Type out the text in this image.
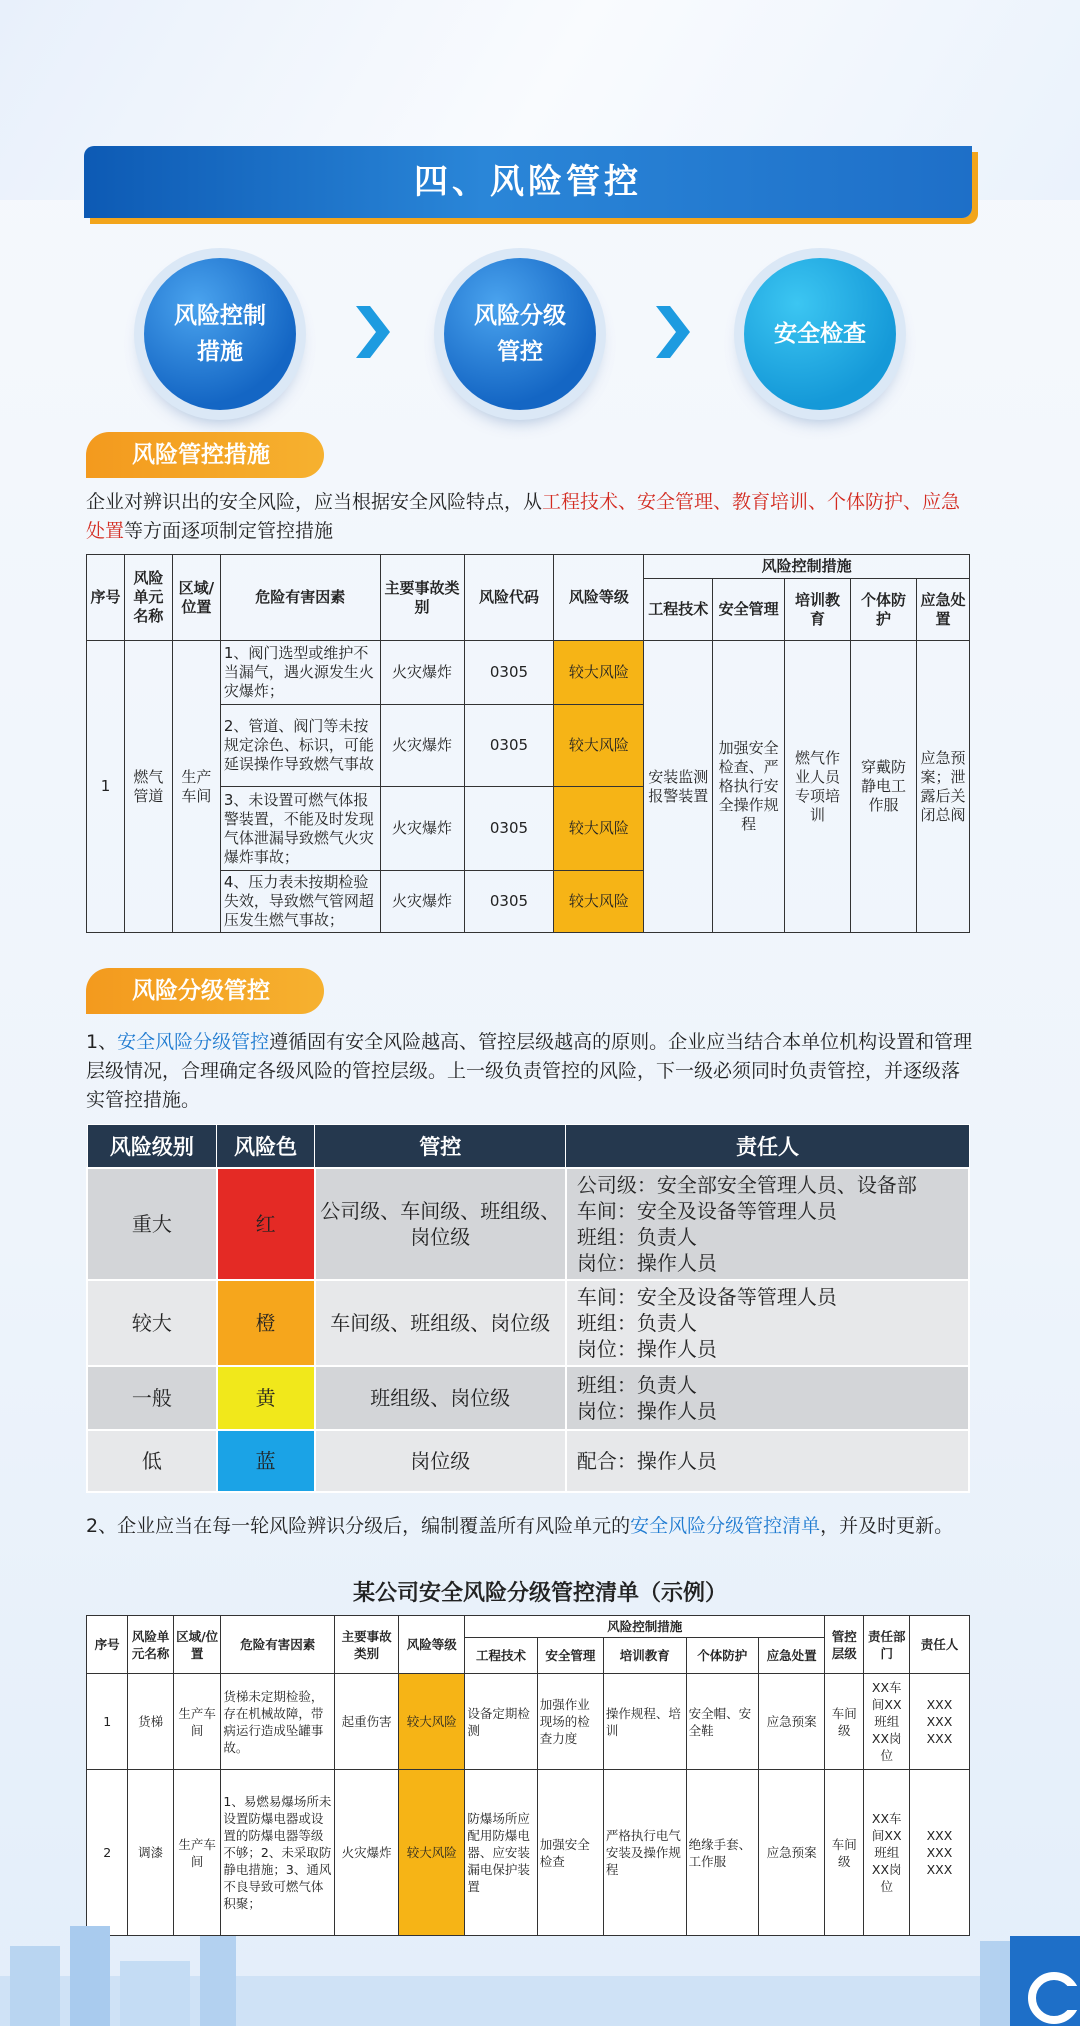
四、风险管控
风险控制措施
风险分级管控
安全检查
风险管控措施
企业对辨识出的安全风险，应当根据安全风险特点，从工程技术、安全管理、教育培训、个体防护、应急处置等方面逐项制定管控措施
序号	风险单元名称	区域/位置	危险有害因素	主要事故类别	风险代码	风险等级	风险控制措施				
							工程技术	安全管理	培训教育	个体防护	应急处置
1	燃气管道	生产车间	1、阀门选型或维护不当漏气，遇火源发生火灾爆炸；	火灾爆炸	0305	较大风险	安装监测报警装置	加强安全检查、严格执行安全操作规程	燃气作业人员专项培训	穿戴防静电工作服	应急预案；泄露后关闭总阀
			2、管道、阀门等未按规定涂色、标识，可能延误操作导致燃气事故	火灾爆炸	0305	较大风险					
			3、未设置可燃气体报警装置，不能及时发现气体泄漏导致燃气火灾爆炸事故；	火灾爆炸	0305	较大风险					
			4、压力表未按期检验失效，导致燃气管网超压发生燃气事故；	火灾爆炸	0305	较大风险					
风险分级管控
1、安全风险分级管控遵循固有安全风险越高、管控层级越高的原则。企业应当结合本单位机构设置和管理层级情况，合理确定各级风险的管控层级。上一级负责管控的风险，下一级必须同时负责管控，并逐级落实管控措施。
风险级别	风险色	管控	责任人
重大	红	公司级、车间级、班组级、岗位级	公司级：安全部安全管理人员、设备部
车间：安全及设备等管理人员
班组：负责人
岗位：操作人员

较大	橙	车间级、班组级、岗位级	车间：安全及设备等管理人员
班组：负责人
岗位：操作人员

一般	黄	班组级、岗位级	班组：负责人
岗位：操作人员

低	蓝	岗位级	配合：操作人员
2、企业应当在每一轮风险辨识分级后，编制覆盖所有风险单元的安全风险分级管控清单，并及时更新。
某公司安全风险分级管控清单（示例）
序号	风险单元名称	区域/位置	危险有害因素	主要事故类别	风险等级	风险控制措施					管控层级	责任部门	责任人
						工程技术	安全管理	培训教育	个体防护	应急处置			
1	货梯	生产车间	货梯未定期检验，存在机械故障，带病运行造成坠罐事故。	起重伤害	较大风险	设备定期检测	加强作业现场的检查力度	操作规程、培训	安全帽、安全鞋	应急预案	车间级	XX车间XX班组XX岗位	XXX XXX XXX
2	调漆	生产车间	1、易燃易爆场所未设置防爆电器或设置的防爆电器等级不够；2、未采取防静电措施；3、通风不良导致可燃气体积聚；	火灾爆炸	较大风险	防爆场所应配用防爆电器、应安装漏电保护装置	加强安全检查	严格执行电气安装及操作规程	绝缘手套、工作服	应急预案	车间级	XX车间XX班组XX岗位	XXX XXX XXX
